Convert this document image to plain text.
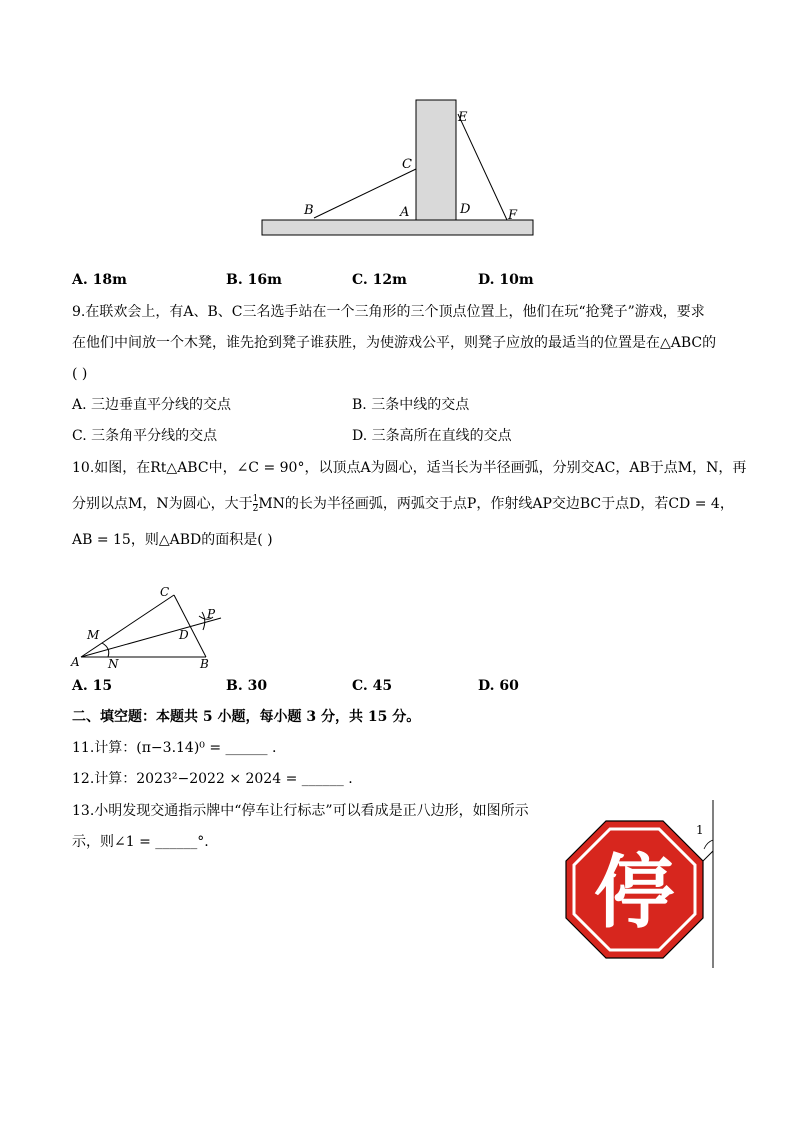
E
C
B	A	D	F
A. 18m	B. 16m	C. 12m	D. 10m
9.在联欢会上，有A、B、C三名选手站在一个三角形的三个顶点位置上，他们在玩“抢凳子”游戏，要求
在他们中间放一个木凳，谁先抢到凳子谁获胜，为使游戏公平，则凳子应放的最适当的位置是在△ABC的
( )
A. 三边垂直平分线的交点	B. 三条中线的交点
C. 三条角平分线的交点	D. 三条高所在直线的交点
10.如图，在Rt△ABC中，∠C = 90°，以顶点A为圆心，适当长为半径画弧，分别交AC，AB于点M，N，再
分别以点M，N为圆心，大于 $\frac{1}{2}$ MN的长为半径画弧，两弧交于点P，作射线AP交边BC于点D，若CD = 4，
AB = 15，则△ABD的面积是( )
C
P
M	D
A N	B
A. 15	B. 30	C. 45	D. 60
二、填空题：本题共 5 小题，每小题 3 分，共 15 分。
11.计算：(π−3.14)⁰ = ______ .
12.计算：2023²−2022 × 2024 = ______ .
13.小明发现交通指示牌中“停车让行标志”可以看成是正八边形，如图所示
示，则∠1 = ______°.
1
停
